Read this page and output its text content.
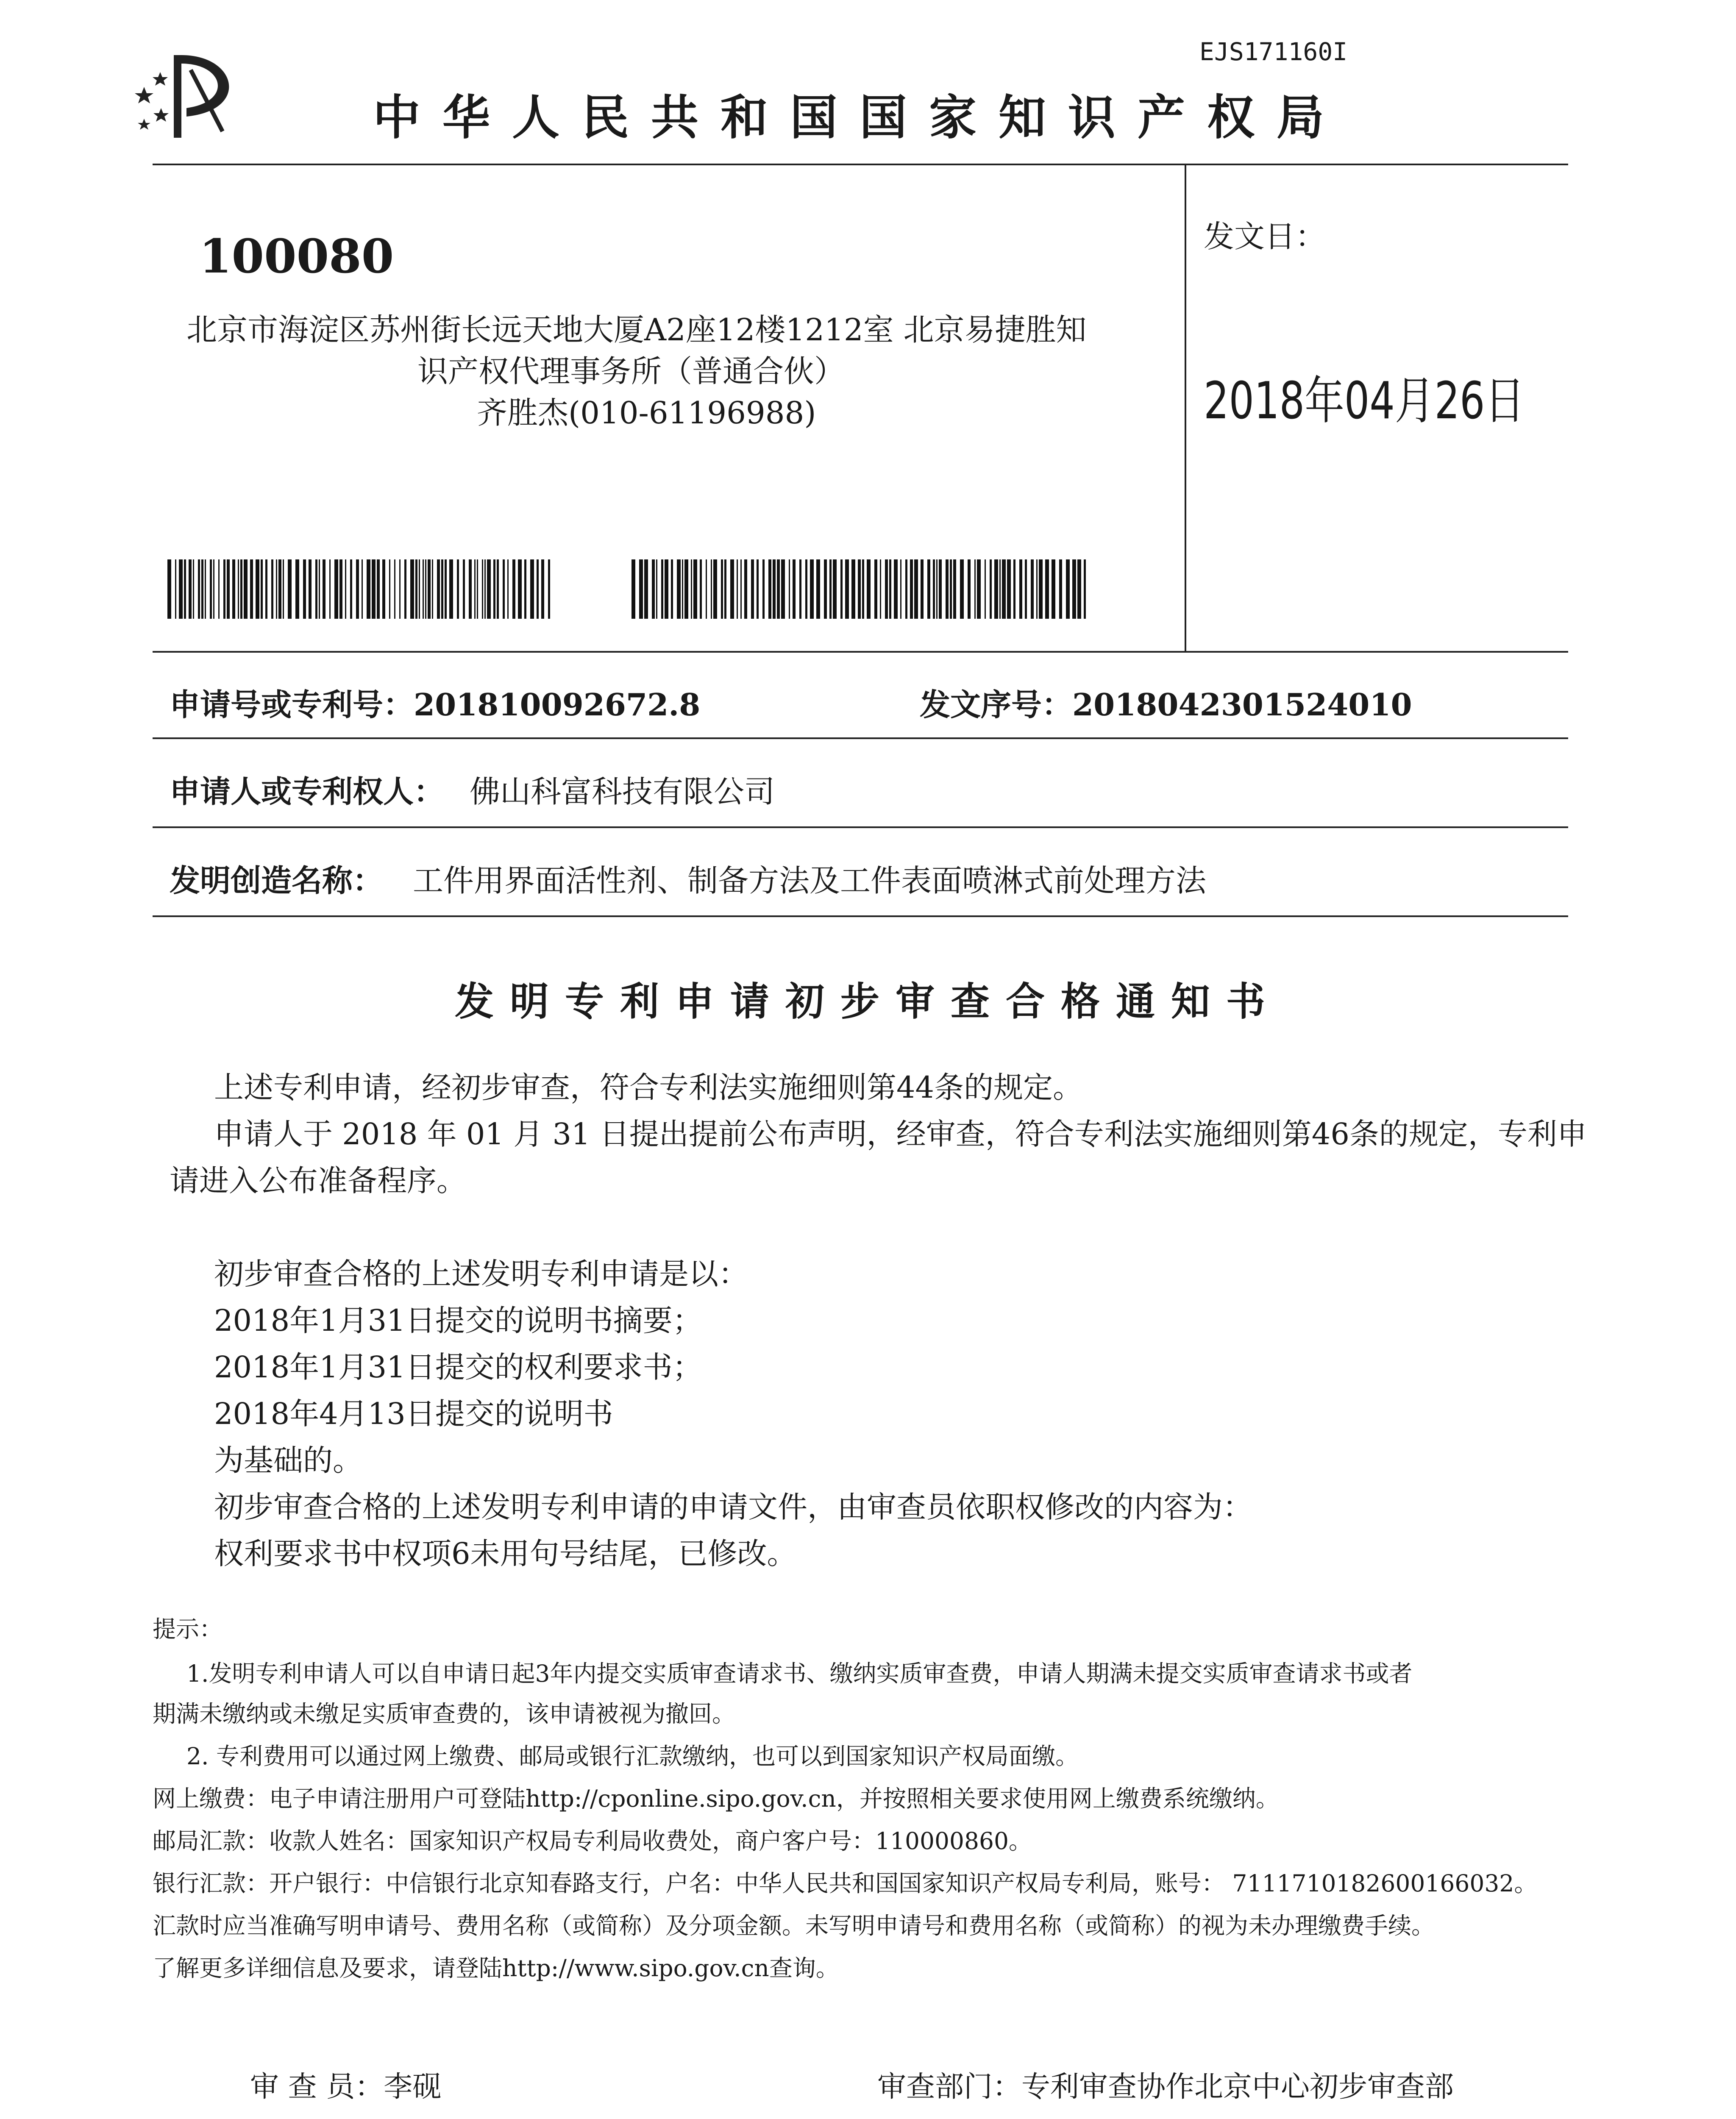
EJS171160I
中华人民共和国国家知识产权局
100080
北京市海淀区苏州街长远天地大厦A2座12楼1212室 北京易捷胜知
识产权代理事务所（普通合伙）
齐胜杰(010-61196988)
发文日：
2018年04月26日
申请号或专利号：201810092672.8	发文序号：2018042301524010
申请人或专利权人： 佛山科富科技有限公司
发明创造名称： 工件用界面活性剂、制备方法及工件表面喷淋式前处理方法
发明专利申请初步审查合格通知书
上述专利申请，经初步审查，符合专利法实施细则第44条的规定。
申请人于 2018 年 01 月 31 日提出提前公布声明，经审查，符合专利法实施细则第46条的规定，专利申
请进入公布准备程序。
初步审查合格的上述发明专利申请是以：
2018年1月31日提交的说明书摘要；
2018年1月31日提交的权利要求书；
2018年4月13日提交的说明书
为基础的。
初步审查合格的上述发明专利申请的申请文件，由审查员依职权修改的内容为：
权利要求书中权项6未用句号结尾，已修改。
提示：
1.发明专利申请人可以自申请日起3年内提交实质审查请求书、缴纳实质审查费，申请人期满未提交实质审查请求书或者
期满未缴纳或未缴足实质审查费的，该申请被视为撤回。
2. 专利费用可以通过网上缴费、邮局或银行汇款缴纳，也可以到国家知识产权局面缴。
网上缴费：电子申请注册用户可登陆http://cponline.sipo.gov.cn，并按照相关要求使用网上缴费系统缴纳。
邮局汇款：收款人姓名：国家知识产权局专利局收费处，商户客户号：110000860。
银行汇款：开户银行：中信银行北京知春路支行，户名：中华人民共和国国家知识产权局专利局，账号： 7111710182600166032。
汇款时应当准确写明申请号、费用名称（或简称）及分项金额。未写明申请号和费用名称（或简称）的视为未办理缴费手续。
了解更多详细信息及要求，请登陆http://www.sipo.gov.cn查询。
审 查 员：李砚	审查部门：专利审查协作北京中心初步审查部
